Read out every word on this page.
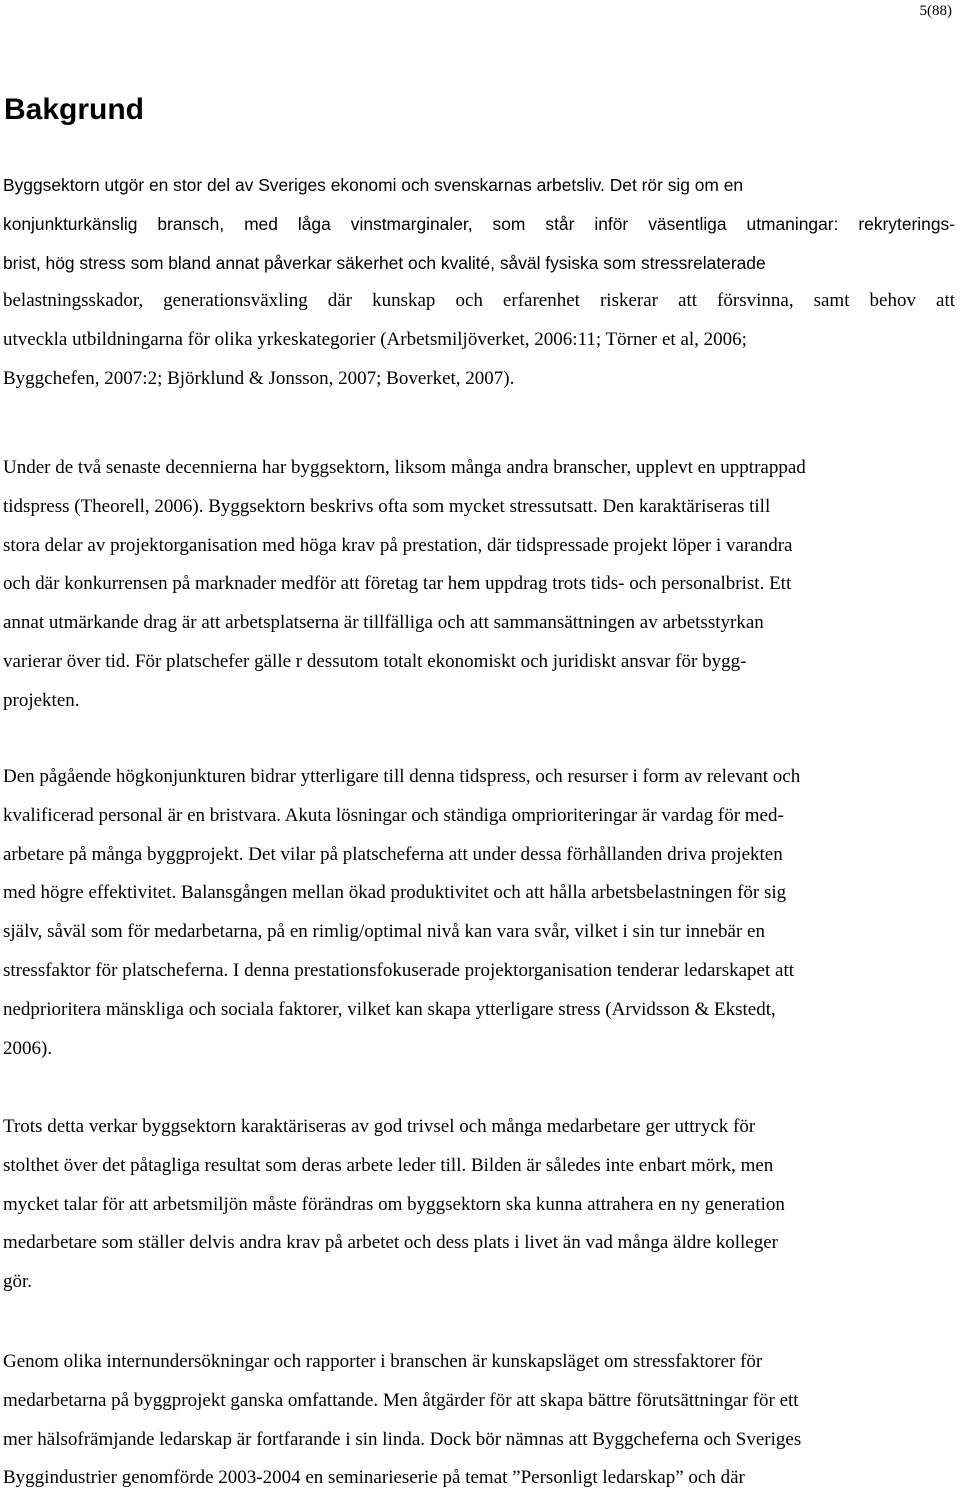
5(88)
Bakgrund
Byggsektorn utgör en stor del av Sveriges ekonomi och svenskarnas arbetsliv. Det rör sig om en
konjunkturkänslig bransch, med låga vinstmarginaler, som står inför väsentliga utmaningar: rekryterings-
brist, hög stress som bland annat påverkar säkerhet och kvalité, såväl fysiska som stressrelaterade
belastningsskador, generationsväxling där kunskap och erfarenhet riskerar att försvinna, samt behov att
utveckla utbildningarna för olika yrkeskategorier (Arbetsmiljöverket, 2006:11; Törner et al, 2006;
Byggchefen, 2007:2; Björklund & Jonsson, 2007; Boverket, 2007).
Under de två senaste decennierna har byggsektorn, liksom många andra branscher, upplevt en upptrappad
tidspress (Theorell, 2006). Byggsektorn beskrivs ofta som mycket stressutsatt. Den karaktäriseras till
stora delar av projektorganisation med höga krav på prestation, där tidspressade projekt löper i varandra
och där konkurrensen på marknader medför att företag tar hem uppdrag trots tids- och personalbrist. Ett
annat utmärkande drag är att arbetsplatserna är tillfälliga och att sammansättningen av arbetsstyrkan
varierar över tid. För platschefer gälle r dessutom totalt ekonomiskt och juridiskt ansvar för bygg-
projekten.
Den pågående högkonjunkturen bidrar ytterligare till denna tidspress, och resurser i form av relevant och
kvalificerad personal är en bristvara. Akuta lösningar och ständiga omprioriteringar är vardag för med-
arbetare på många byggprojekt. Det vilar på platscheferna att under dessa förhållanden driva projekten
med högre effektivitet. Balansgången mellan ökad produktivitet och att hålla arbetsbelastningen för sig
själv, såväl som för medarbetarna, på en rimlig/optimal nivå kan vara svår, vilket i sin tur innebär en
stressfaktor för platscheferna. I denna prestationsfokuserade projektorganisation tenderar ledarskapet att
nedprioritera mänskliga och sociala faktorer, vilket kan skapa ytterligare stress (Arvidsson & Ekstedt,
2006).
Trots detta verkar byggsektorn karaktäriseras av god trivsel och många medarbetare ger uttryck för
stolthet över det påtagliga resultat som deras arbete leder till. Bilden är således inte enbart mörk, men
mycket talar för att arbetsmiljön måste förändras om byggsektorn ska kunna attrahera en ny generation
medarbetare som ställer delvis andra krav på arbetet och dess plats i livet än vad många äldre kolleger
gör.
Genom olika internundersökningar och rapporter i branschen är kunskapsläget om stressfaktorer för
medarbetarna på byggprojekt ganska omfattande. Men åtgärder för att skapa bättre förutsättningar för ett
mer hälsofrämjande ledarskap är fortfarande i sin linda. Dock bör nämnas att Byggcheferna och Sveriges
Byggindustrier genomförde 2003-2004 en seminarieserie på temat ”Personligt ledarskap” och där
